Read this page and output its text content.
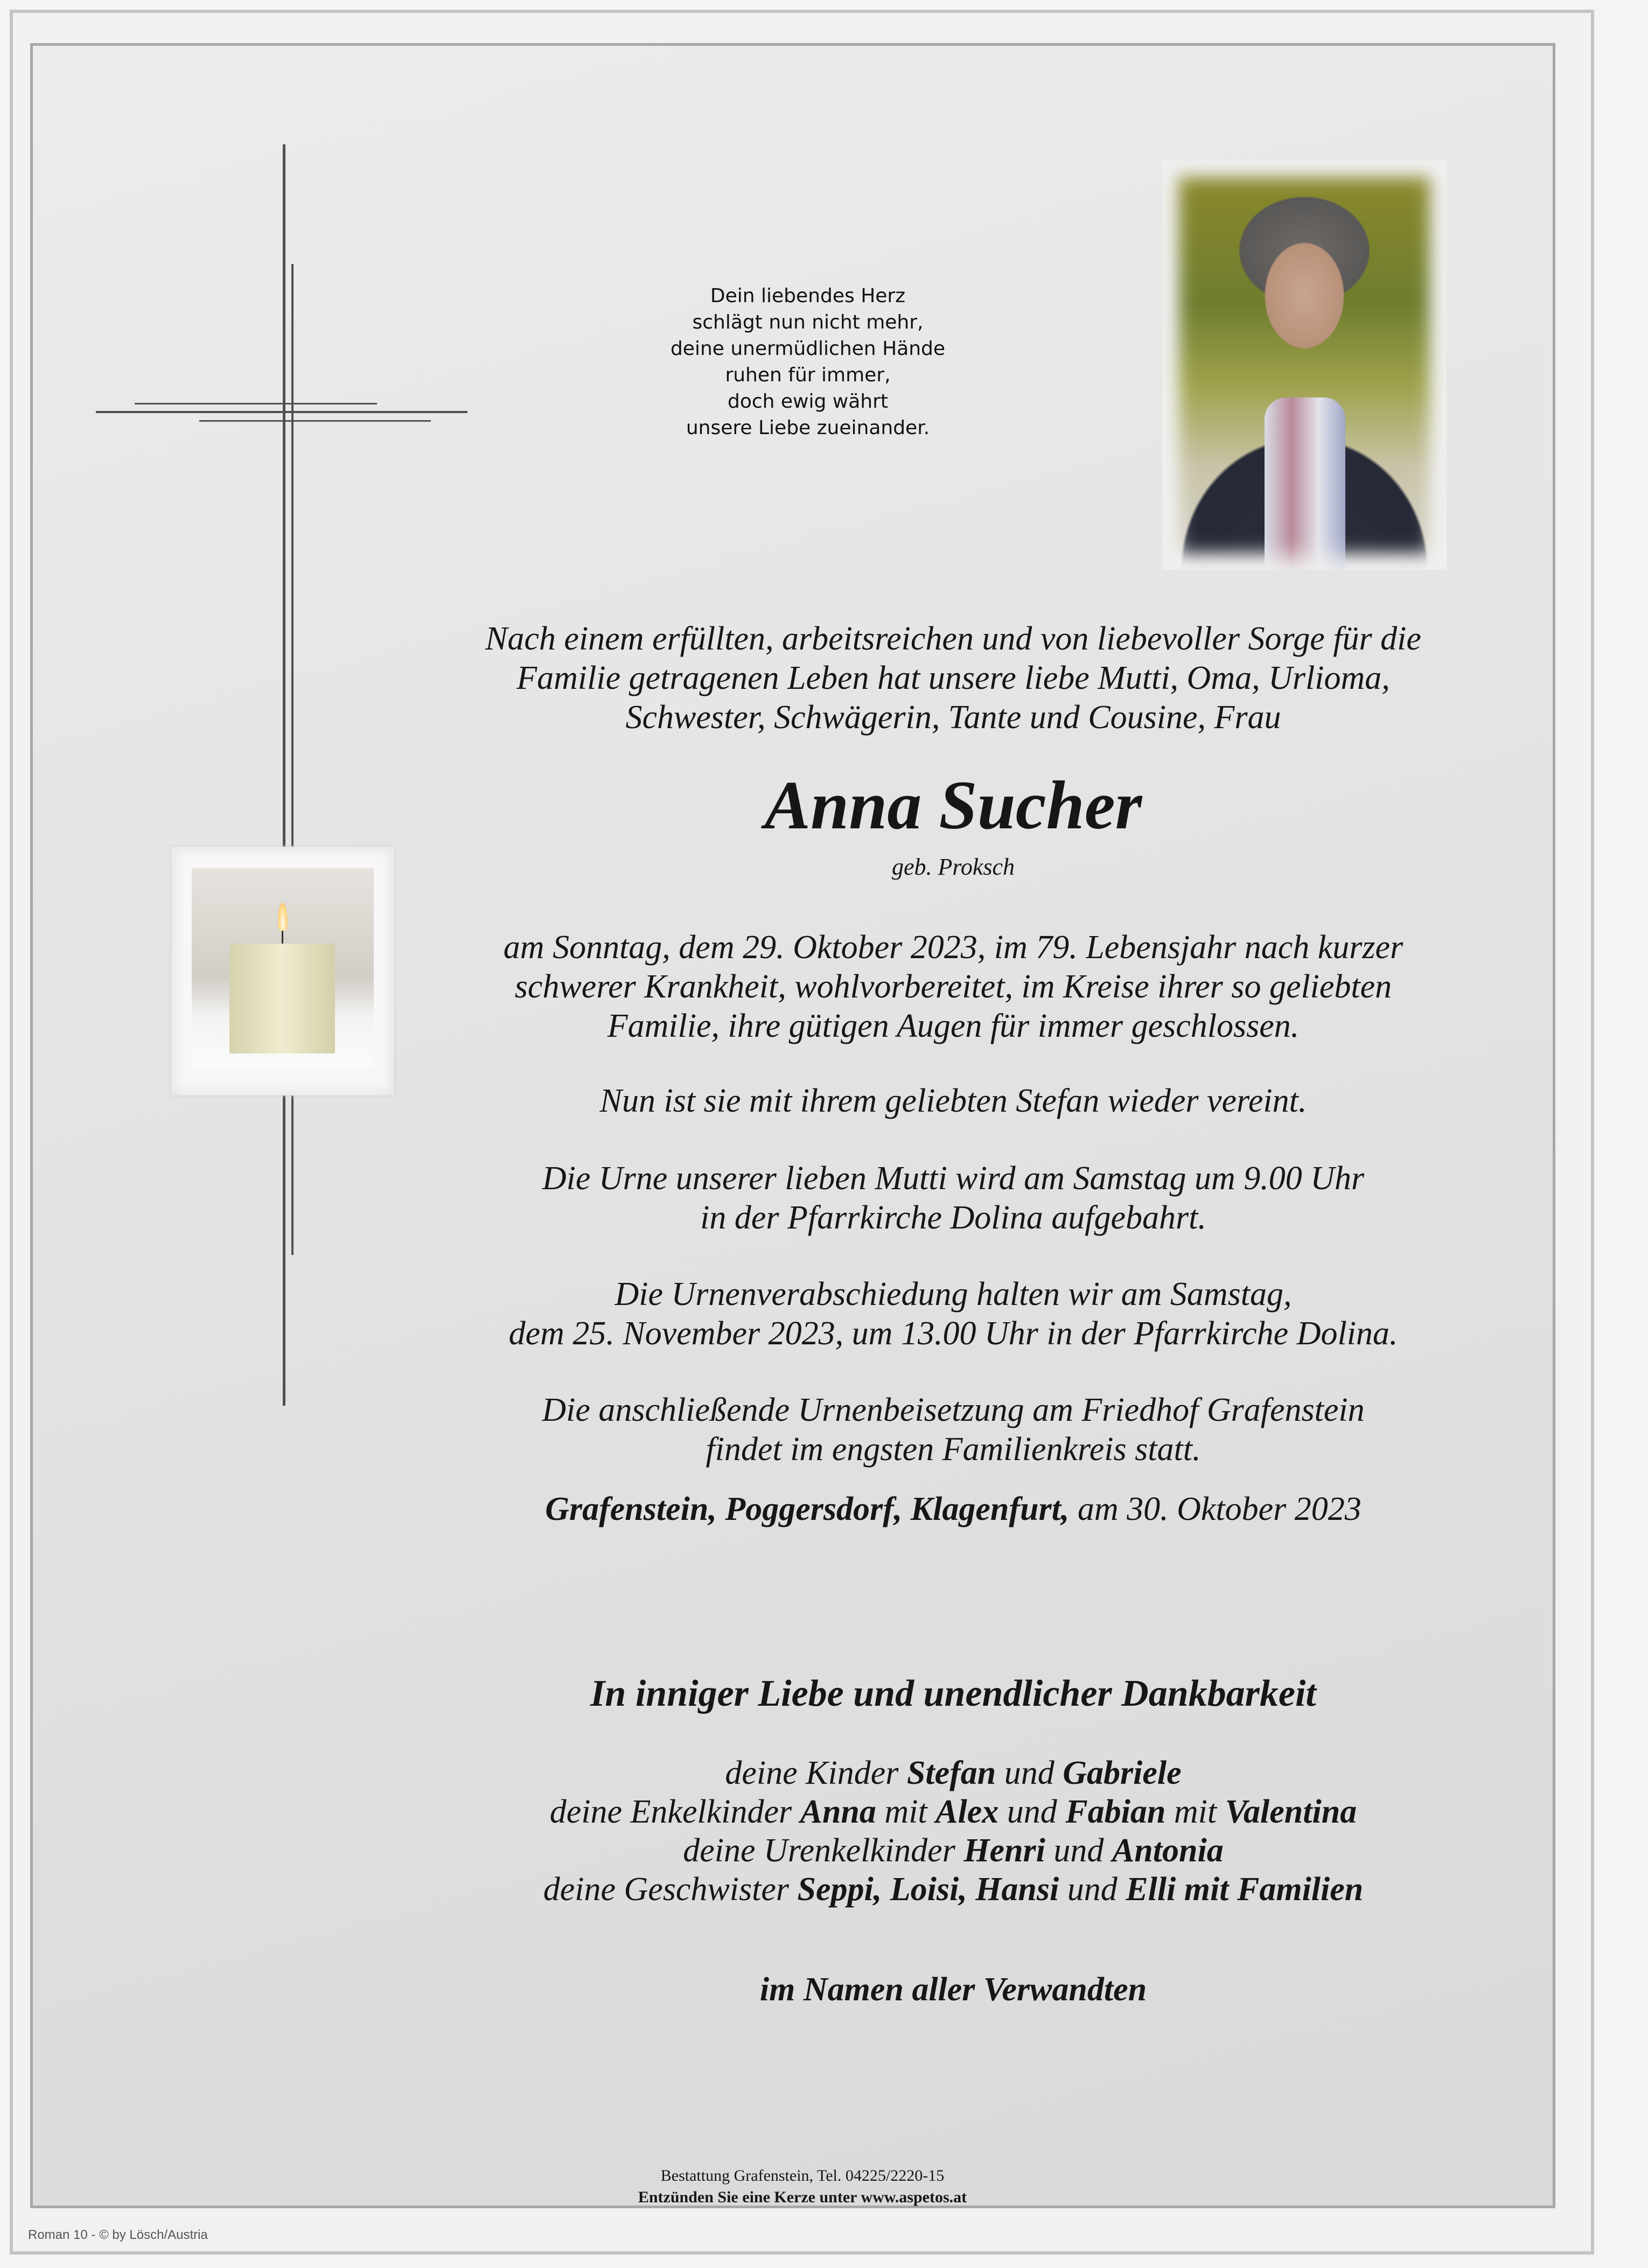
Dein liebendes Herz
schlägt nun nicht mehr,
deine unermüdlichen Hände
ruhen für immer,
doch ewig währt
unsere Liebe zueinander.
Nach einem erfüllten, arbeitsreichen und von liebevoller Sorge für die
Familie getragenen Leben hat unsere liebe Mutti, Oma, Urlioma,
Schwester, Schwägerin, Tante und Cousine, Frau
Anna Sucher
geb. Proksch
am Sonntag, dem 29. Oktober 2023, im 79. Lebensjahr nach kurzer
schwerer Krankheit, wohlvorbereitet, im Kreise ihrer so geliebten
Familie, ihre gütigen Augen für immer geschlossen.
Nun ist sie mit ihrem geliebten Stefan wieder vereint.
Die Urne unserer lieben Mutti wird am Samstag um 9.00 Uhr
in der Pfarrkirche Dolina aufgebahrt.
Die Urnenverabschiedung halten wir am Samstag,
dem 25. November 2023, um 13.00 Uhr in der Pfarrkirche Dolina.
Die anschließende Urnenbeisetzung am Friedhof Grafenstein
findet im engsten Familienkreis statt.
Grafenstein, Poggersdorf, Klagenfurt, am 30. Oktober 2023
In inniger Liebe und unendlicher Dankbarkeit
deine Kinder Stefan und Gabriele
deine Enkelkinder Anna mit Alex und Fabian mit Valentina
deine Urenkelkinder Henri und Antonia
deine Geschwister Seppi, Loisi, Hansi und Elli mit Familien
im Namen aller Verwandten
Bestattung Grafenstein, Tel. 04225/2220-15
Entzünden Sie eine Kerze unter www.aspetos.at
Roman 10 - © by Lösch/Austria
